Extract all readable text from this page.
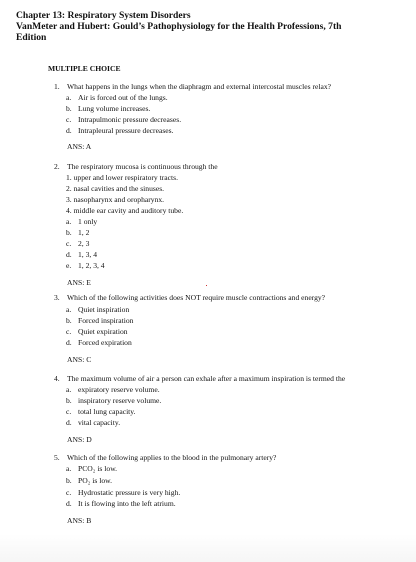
Chapter 13: Respiratory System Disorders
VanMeter and Hubert: Gould’s Pathophysiology for the Health Professions, 7th
Edition
MULTIPLE CHOICE
1. What happens in the lungs when the diaphragm and external intercostal muscles relax?
a. Air is forced out of the lungs.
b. Lung volume increases.
c. Intrapulmonic pressure decreases.
d. Intrapleural pressure decreases.
ANS: A
2. The respiratory mucosa is continuous through the
1. upper and lower respiratory tracts.
2. nasal cavities and the sinuses.
3. nasopharynx and oropharynx.
4. middle ear cavity and auditory tube.
a. 1 only
b. 1, 2
c. 2, 3
d. 1, 3, 4
e. 1, 2, 3, 4
ANS: E
3. Which of the following activities does NOT require muscle contractions and energy?
a. Quiet inspiration
b. Forced inspiration
c. Quiet expiration
d. Forced expiration
ANS: C
4. The maximum volume of air a person can exhale after a maximum inspiration is termed the
a. expiratory reserve volume.
b. inspiratory reserve volume.
c. total lung capacity.
d. vital capacity.
ANS: D
5. Which of the following applies to the blood in the pulmonary artery?
a. PCO₂ is low.
b. PO₂ is low.
c. Hydrostatic pressure is very high.
d. It is flowing into the left atrium.
ANS: B
